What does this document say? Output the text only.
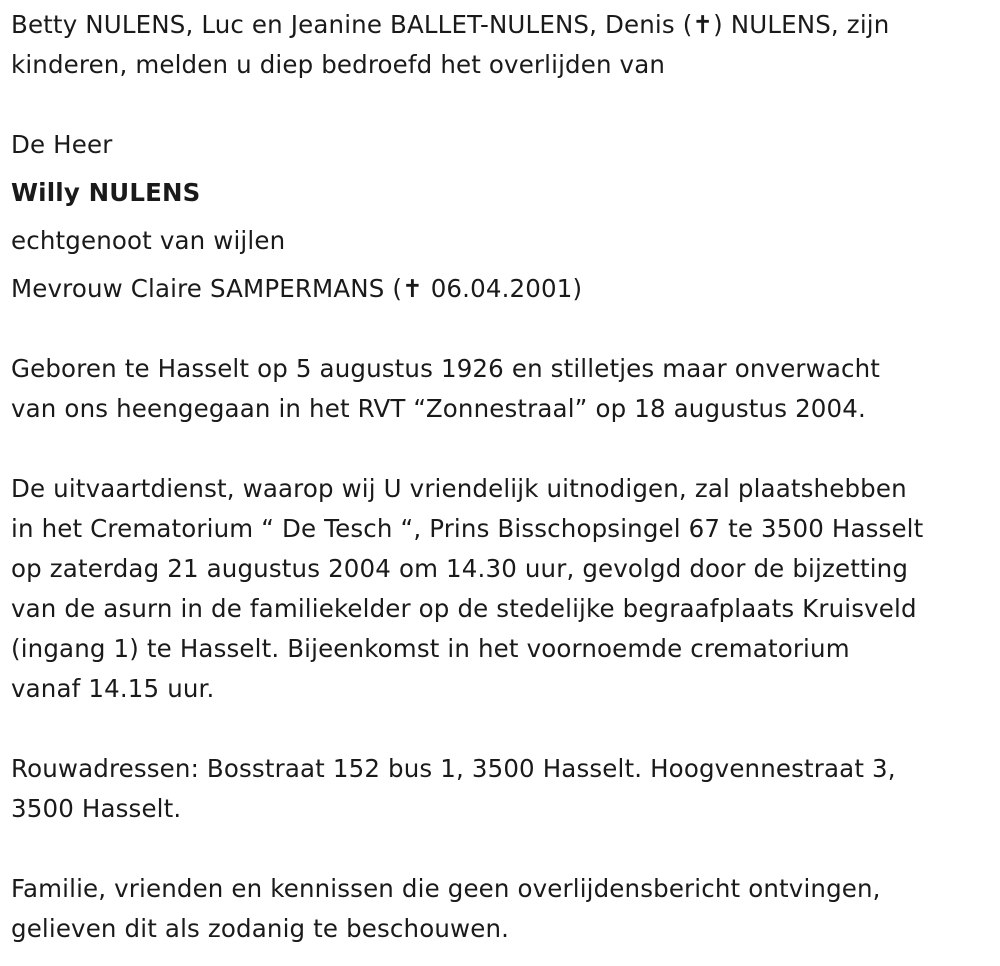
Betty NULENS, Luc en Jeanine BALLET-NULENS, Denis (✝) NULENS, zijn
kinderen, melden u diep bedroefd het overlijden van
De Heer
Willy NULENS
echtgenoot van wijlen
Mevrouw Claire SAMPERMANS (✝ 06.04.2001)
Geboren te Hasselt op 5 augustus 1926 en stilletjes maar onverwacht
van ons heengegaan in het RVT “Zonnestraal” op 18 augustus 2004.
De uitvaartdienst, waarop wij U vriendelijk uitnodigen, zal plaatshebben
in het Crematorium “ De Tesch “, Prins Bisschopsingel 67 te 3500 Hasselt
op zaterdag 21 augustus 2004 om 14.30 uur, gevolgd door de bijzetting
van de asurn in de familiekelder op de stedelijke begraafplaats Kruisveld
(ingang 1) te Hasselt. Bijeenkomst in het voornoemde crematorium
vanaf 14.15 uur.
Rouwadressen: Bosstraat 152 bus 1, 3500 Hasselt. Hoogvennestraat 3,
3500 Hasselt.
Familie, vrienden en kennissen die geen overlijdensbericht ontvingen,
gelieven dit als zodanig te beschouwen.
